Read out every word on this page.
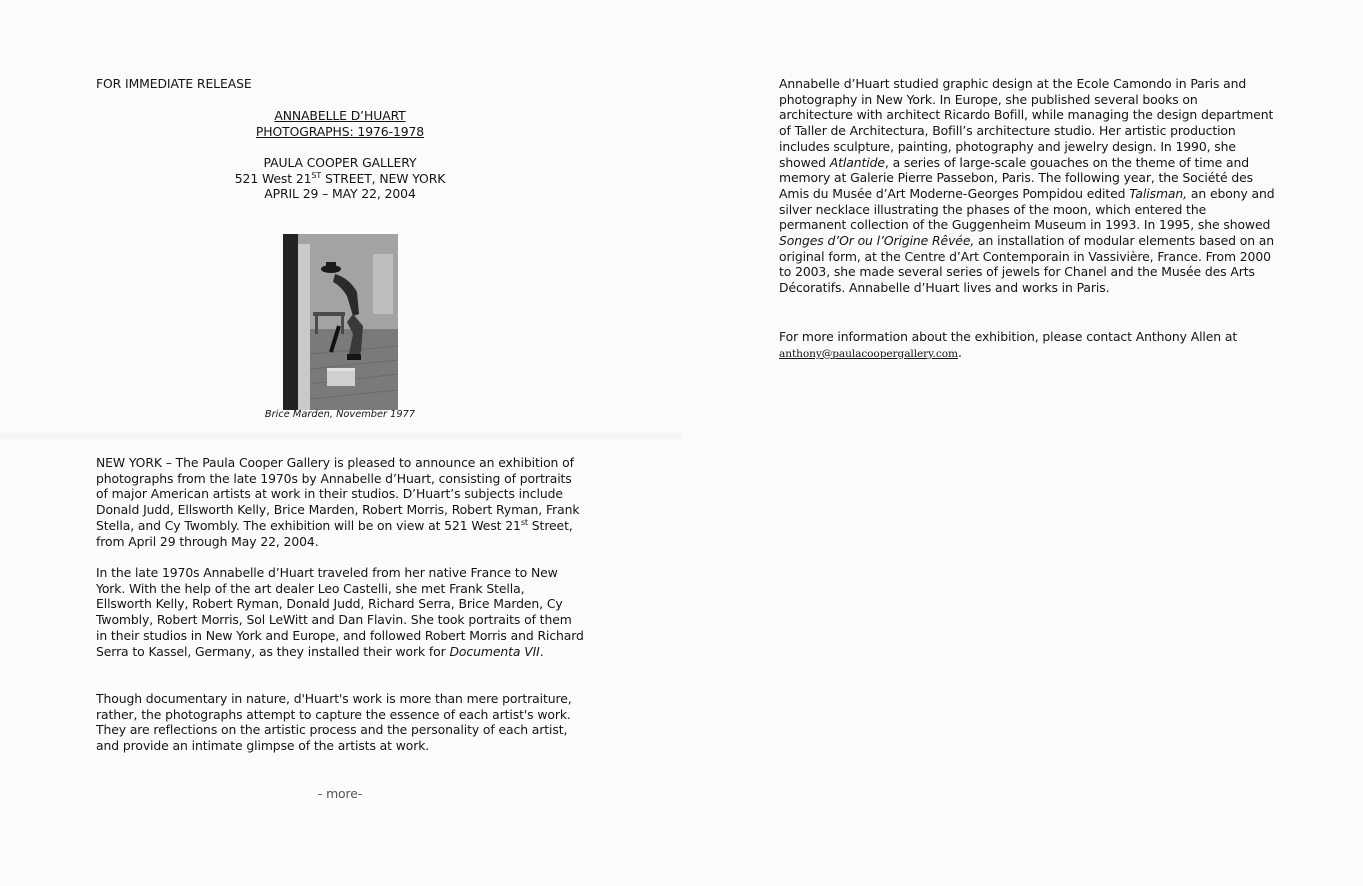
FOR IMMEDIATE RELEASE
ANNABELLE D’HUART
PHOTOGRAPHS: 1976-1978
PAULA COOPER GALLERY
521 West 21ST STREET, NEW YORK
APRIL 29 – MAY 22, 2004
Brice Marden, November 1977
NEW YORK – The Paula Cooper Gallery is pleased to announce an exhibition of photographs from the late 1970s by Annabelle d’Huart, consisting of portraits of major American artists at work in their studios. D’Huart’s subjects include Donald Judd, Ellsworth Kelly, Brice Marden, Robert Morris, Robert Ryman, Frank Stella, and Cy Twombly. The exhibition will be on view at 521 West 21st Street, from April 29 through May 22, 2004.
In the late 1970s Annabelle d’Huart traveled from her native France to New York. With the help of the art dealer Leo Castelli, she met Frank Stella, Ellsworth Kelly, Robert Ryman, Donald Judd, Richard Serra, Brice Marden, Cy Twombly, Robert Morris, Sol LeWitt and Dan Flavin. She took portraits of them in their studios in New York and Europe, and followed Robert Morris and Richard Serra to Kassel, Germany, as they installed their work for Documenta VII.
Though documentary in nature, d'Huart's work is more than mere portraiture, rather, the photographs attempt to capture the essence of each artist's work. They are reflections on the artistic process and the personality of each artist, and provide an intimate glimpse of the artists at work.
- more-
Annabelle d’Huart studied graphic design at the Ecole Camondo in Paris and photography in New York. In Europe, she published several books on architecture with architect Ricardo Bofill, while managing the design department of Taller de Architectura, Bofill’s architecture studio. Her artistic production includes sculpture, painting, photography and jewelry design. In 1990, she showed Atlantide, a series of large-scale gouaches on the theme of time and memory at Galerie Pierre Passebon, Paris. The following year, the Société des Amis du Musée d’Art Moderne-Georges Pompidou edited Talisman, an ebony and silver necklace illustrating the phases of the moon, which entered the permanent collection of the Guggenheim Museum in 1993. In 1995, she showed Songes d’Or ou l’Origine Rêvée, an installation of modular elements based on an original form, at the Centre d’Art Contemporain in Vassivière, France. From 2000 to 2003, she made several series of jewels for Chanel and the Musée des Arts Décoratifs. Annabelle d’Huart lives and works in Paris.
For more information about the exhibition, please contact Anthony Allen at anthony@paulacoopergallery.com.
